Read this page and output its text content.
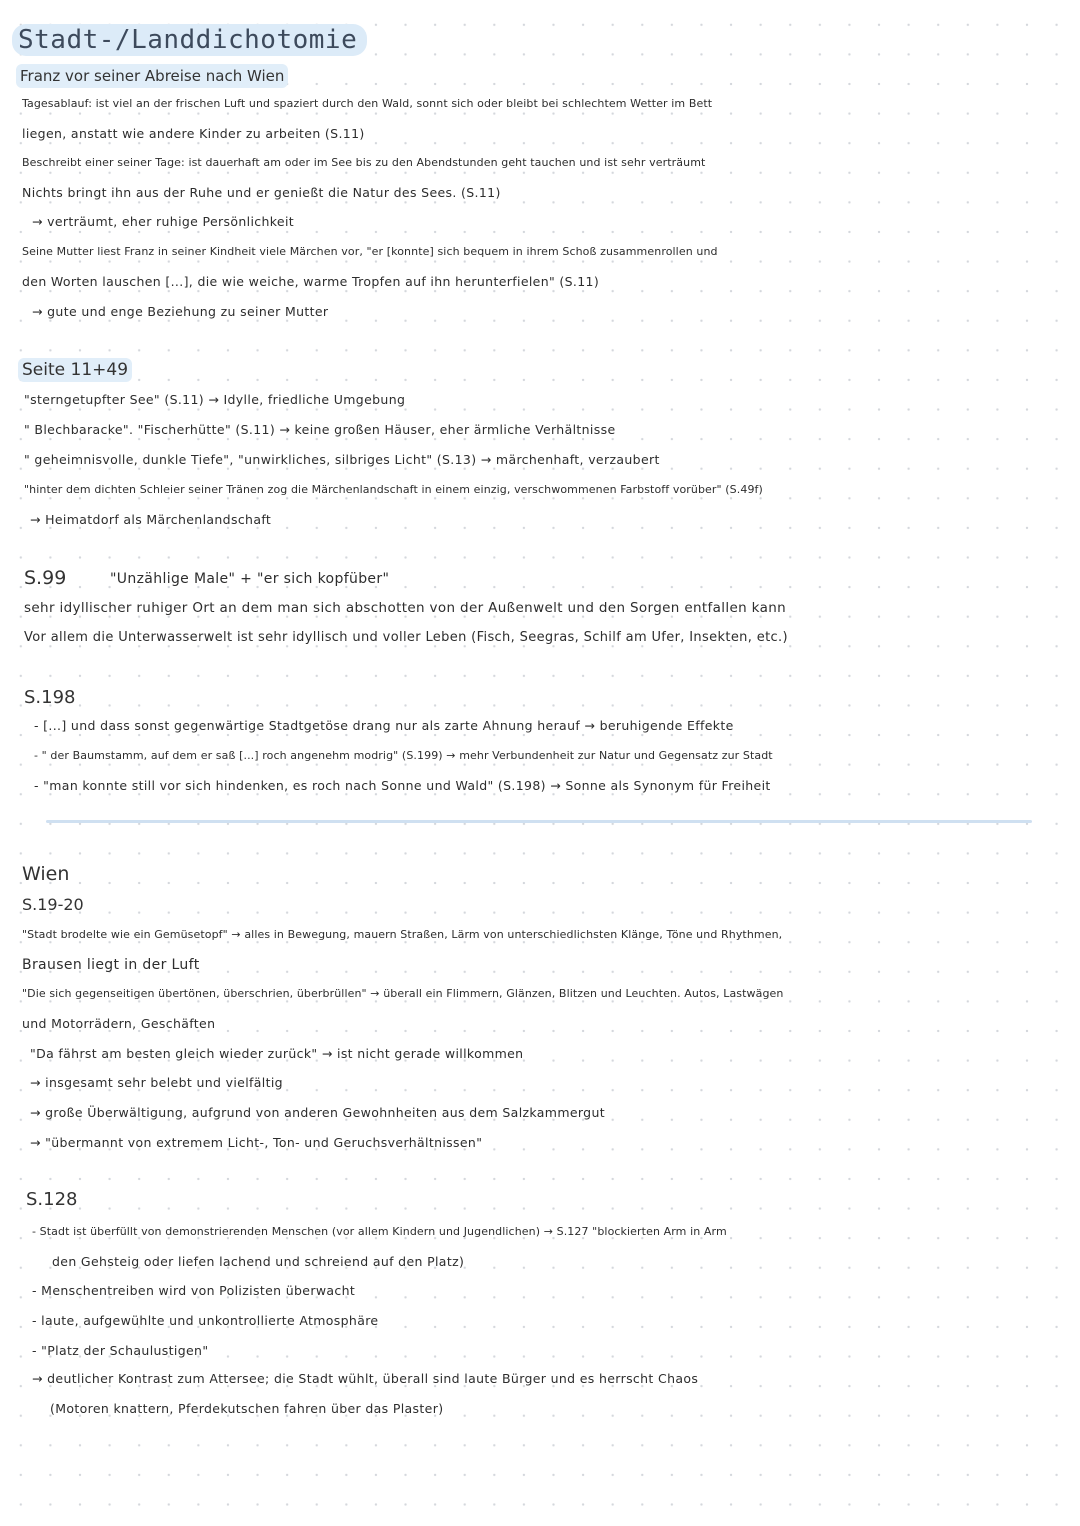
Stadt-/Landdichotomie
Franz vor seiner Abreise nach Wien
Tagesablauf: ist viel an der frischen Luft und spaziert durch den Wald, sonnt sich oder bleibt bei schlechtem Wetter im Bett
liegen, anstatt wie andere Kinder zu arbeiten (S.11)
Beschreibt einer seiner Tage: ist dauerhaft am oder im See bis zu den Abendstunden geht tauchen und ist sehr verträumt
Nichts bringt ihn aus der Ruhe und er genießt die Natur des Sees. (S.11)
→ verträumt, eher ruhige Persönlichkeit
Seine Mutter liest Franz in seiner Kindheit viele Märchen vor, "er [konnte] sich bequem in ihrem Schoß zusammenrollen und
den Worten lauschen [...], die wie weiche, warme Tropfen auf ihn herunterfielen" (S.11)
→ gute und enge Beziehung zu seiner Mutter
Seite 11+49
"sterngetupfter See" (S.11) → Idylle, friedliche Umgebung
" Blechbaracke". "Fischerhütte" (S.11) → keine großen Häuser, eher ärmliche Verhältnisse
" geheimnisvolle, dunkle Tiefe", "unwirkliches, silbriges Licht" (S.13) → märchenhaft, verzaubert
"hinter dem dichten Schleier seiner Tränen zog die Märchenlandschaft in einem einzig, verschwommenen Farbstoff vorüber" (S.49f)
→ Heimatdorf als Märchenlandschaft
S.99	"Unzählige Male" + "er sich kopfüber"
sehr idyllischer ruhiger Ort an dem man sich abschotten von der Außenwelt und den Sorgen entfallen kann
Vor allem die Unterwasserwelt ist sehr idyllisch und voller Leben (Fisch, Seegras, Schilf am Ufer, Insekten, etc.)
S.198
- [...] und dass sonst gegenwärtige Stadtgetöse drang nur als zarte Ahnung herauf → beruhigende Effekte
- " der Baumstamm, auf dem er saß [...] roch angenehm modrig" (S.199) → mehr Verbundenheit zur Natur und Gegensatz zur Stadt
- "man konnte still vor sich hindenken, es roch nach Sonne und Wald" (S.198) → Sonne als Synonym für Freiheit
Wien
S.19-20
"Stadt brodelte wie ein Gemüsetopf" → alles in Bewegung, mauern Straßen, Lärm von unterschiedlichsten Klänge, Töne und Rhythmen,
Brausen liegt in der Luft
"Die sich gegenseitigen übertönen, überschrien, überbrüllen" → überall ein Flimmern, Glänzen, Blitzen und Leuchten. Autos, Lastwägen
und Motorrädern, Geschäften
"Da fährst am besten gleich wieder zurück" → ist nicht gerade willkommen
→ insgesamt sehr belebt und vielfältig
→ große Überwältigung, aufgrund von anderen Gewohnheiten aus dem Salzkammergut
→ "übermannt von extremem Licht-, Ton- und Geruchsverhältnissen"
S.128
- Stadt ist überfüllt von demonstrierenden Menschen (vor allem Kindern und Jugendlichen) → S.127 "blockierten Arm in Arm
den Gehsteig oder liefen lachend und schreiend auf den Platz)
- Menschentreiben wird von Polizisten überwacht
- laute, aufgewühlte und unkontrollierte Atmosphäre
- "Platz der Schaulustigen"
→ deutlicher Kontrast zum Attersee; die Stadt wühlt, überall sind laute Bürger und es herrscht Chaos
(Motoren knattern, Pferdekutschen fahren über das Plaster)
